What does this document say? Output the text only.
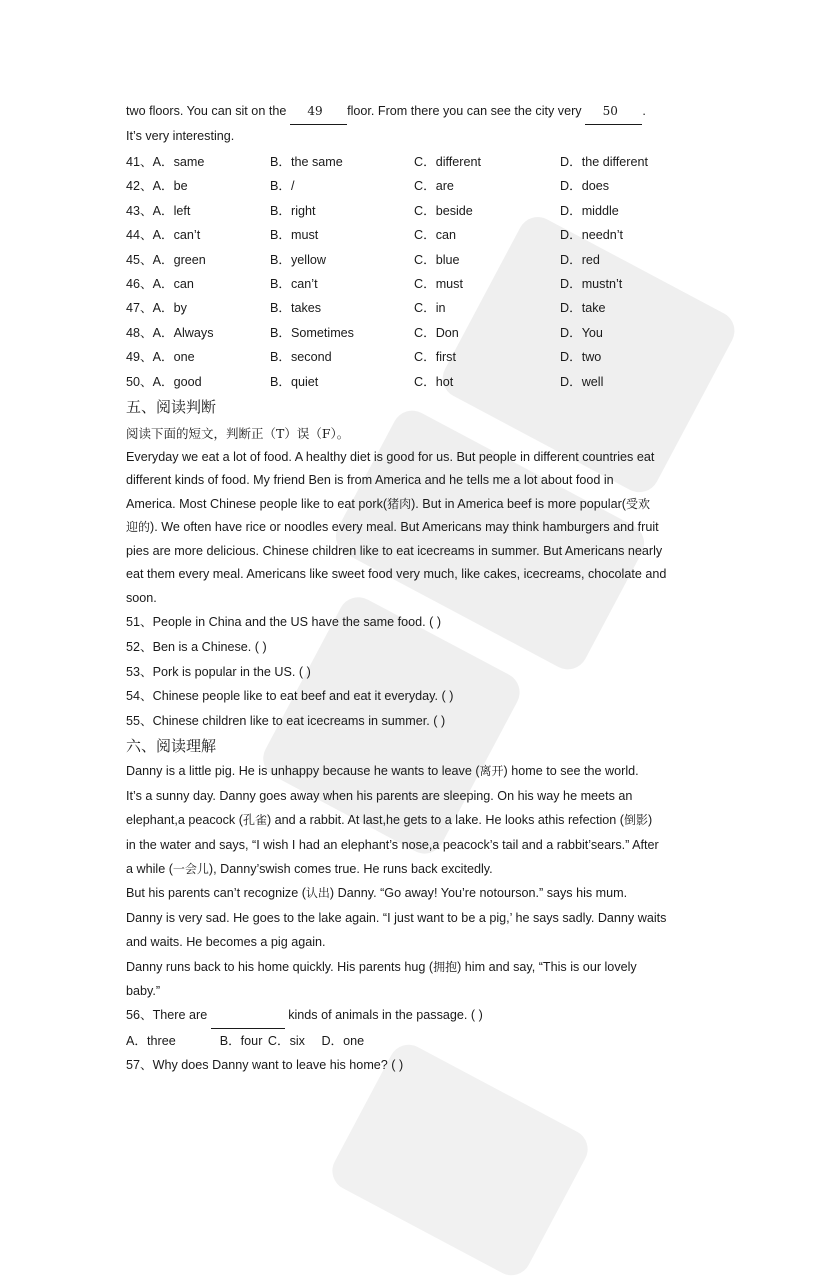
two floors. You can sit on the      49 floor. From there you can see the city very      50 .
It’s very interesting.
41、A．same	B．the same	C．different	D．the different
42、A．be	B．/	C．are	D．does
43、A．left	B．right	C．beside	D．middle
44、A．can’t	B．must	C．can	D．needn’t
45、A．green	B．yellow	C．blue	D．red
46、A．can	B．can’t	C．must	D．mustn’t
47、A．by	B．takes	C．in	D．take
48、A．Always	B．Sometimes	C．Don	D．You
49、A．one	B．second	C．first	D．two
50、A．good	B．quiet	C．hot	D．well
五、阅读判断
阅读下面的短文，判断正（T）误（F）。
Everyday we eat a lot of food. A healthy diet is good for us. But people in different countries eat
different kinds of food. My friend Ben is from America and he tells me a lot about food in
America. Most Chinese people like to eat pork(猪肉). But in America beef is more popular(受欢
迎的). We often have rice or noodles every meal. But Americans may think hamburgers and fruit
pies are more delicious. Chinese children like to eat icecreams in summer. But Americans nearly
eat them every meal. Americans like sweet food very much, like cakes, icecreams, chocolate and
soon.
51、People in China and the US have the same food. ( )
52、Ben is a Chinese. ( )
53、Pork is popular in the US. ( )
54、Chinese people like to eat beef and eat it everyday. ( )
55、Chinese children like to eat icecreams in summer. ( )
六、阅读理解
Danny is a little pig. He is unhappy because he wants to leave (离开) home to see the world.
It’s a sunny day. Danny goes away when his parents are sleeping. On his way he meets an
elephant,a peacock (孔雀) and a rabbit. At last,he gets to a lake. He looks athis refection (倒影)
in the water and says, “I wish I had an elephant’s nose,a peacock’s tail and a rabbit’sears.” After
a while (一会儿), Danny’swish comes true. He runs back excitedly.
But his parents can’t recognize (认出) Danny. “Go away! You’re notourson.” says his mum.
Danny is very sad. He goes to the lake again. “I just want to be a pig,’ he says sadly. Danny waits
and waits. He becomes a pig again.
Danny runs back to his home quickly. His parents hug (拥抱) him and say, “This is our lovely
baby.”
56、There are	kinds of animals in the passage. ( )
A．three        B．four C．six   D．one
57、Why does Danny want to leave his home? ( )
